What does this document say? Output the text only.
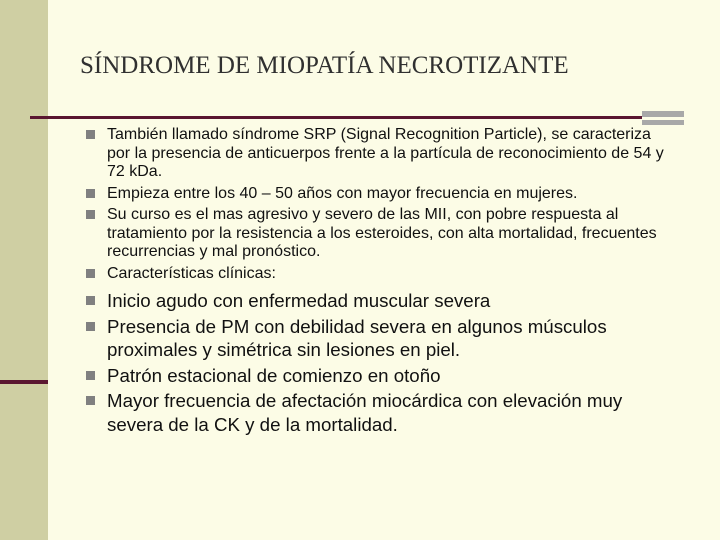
SÍNDROME DE MIOPATÍA NECROTIZANTE
También llamado síndrome SRP (Signal Recognition Particle), se caracteriza por la presencia de anticuerpos frente a la partícula de reconocimiento de 54 y 72 kDa.
Empieza entre los 40 – 50 años con mayor frecuencia en mujeres.
Su curso es el mas agresivo y severo de las MII, con pobre respuesta al tratamiento por la resistencia a los esteroides, con alta mortalidad, frecuentes recurrencias y mal pronóstico.
Características clínicas:
Inicio agudo con enfermedad muscular severa
Presencia de PM con debilidad severa en algunos músculos proximales y simétrica sin lesiones en piel.
Patrón estacional de comienzo en otoño
Mayor frecuencia de afectación miocárdica con elevación muy severa de la CK y de la mortalidad.
